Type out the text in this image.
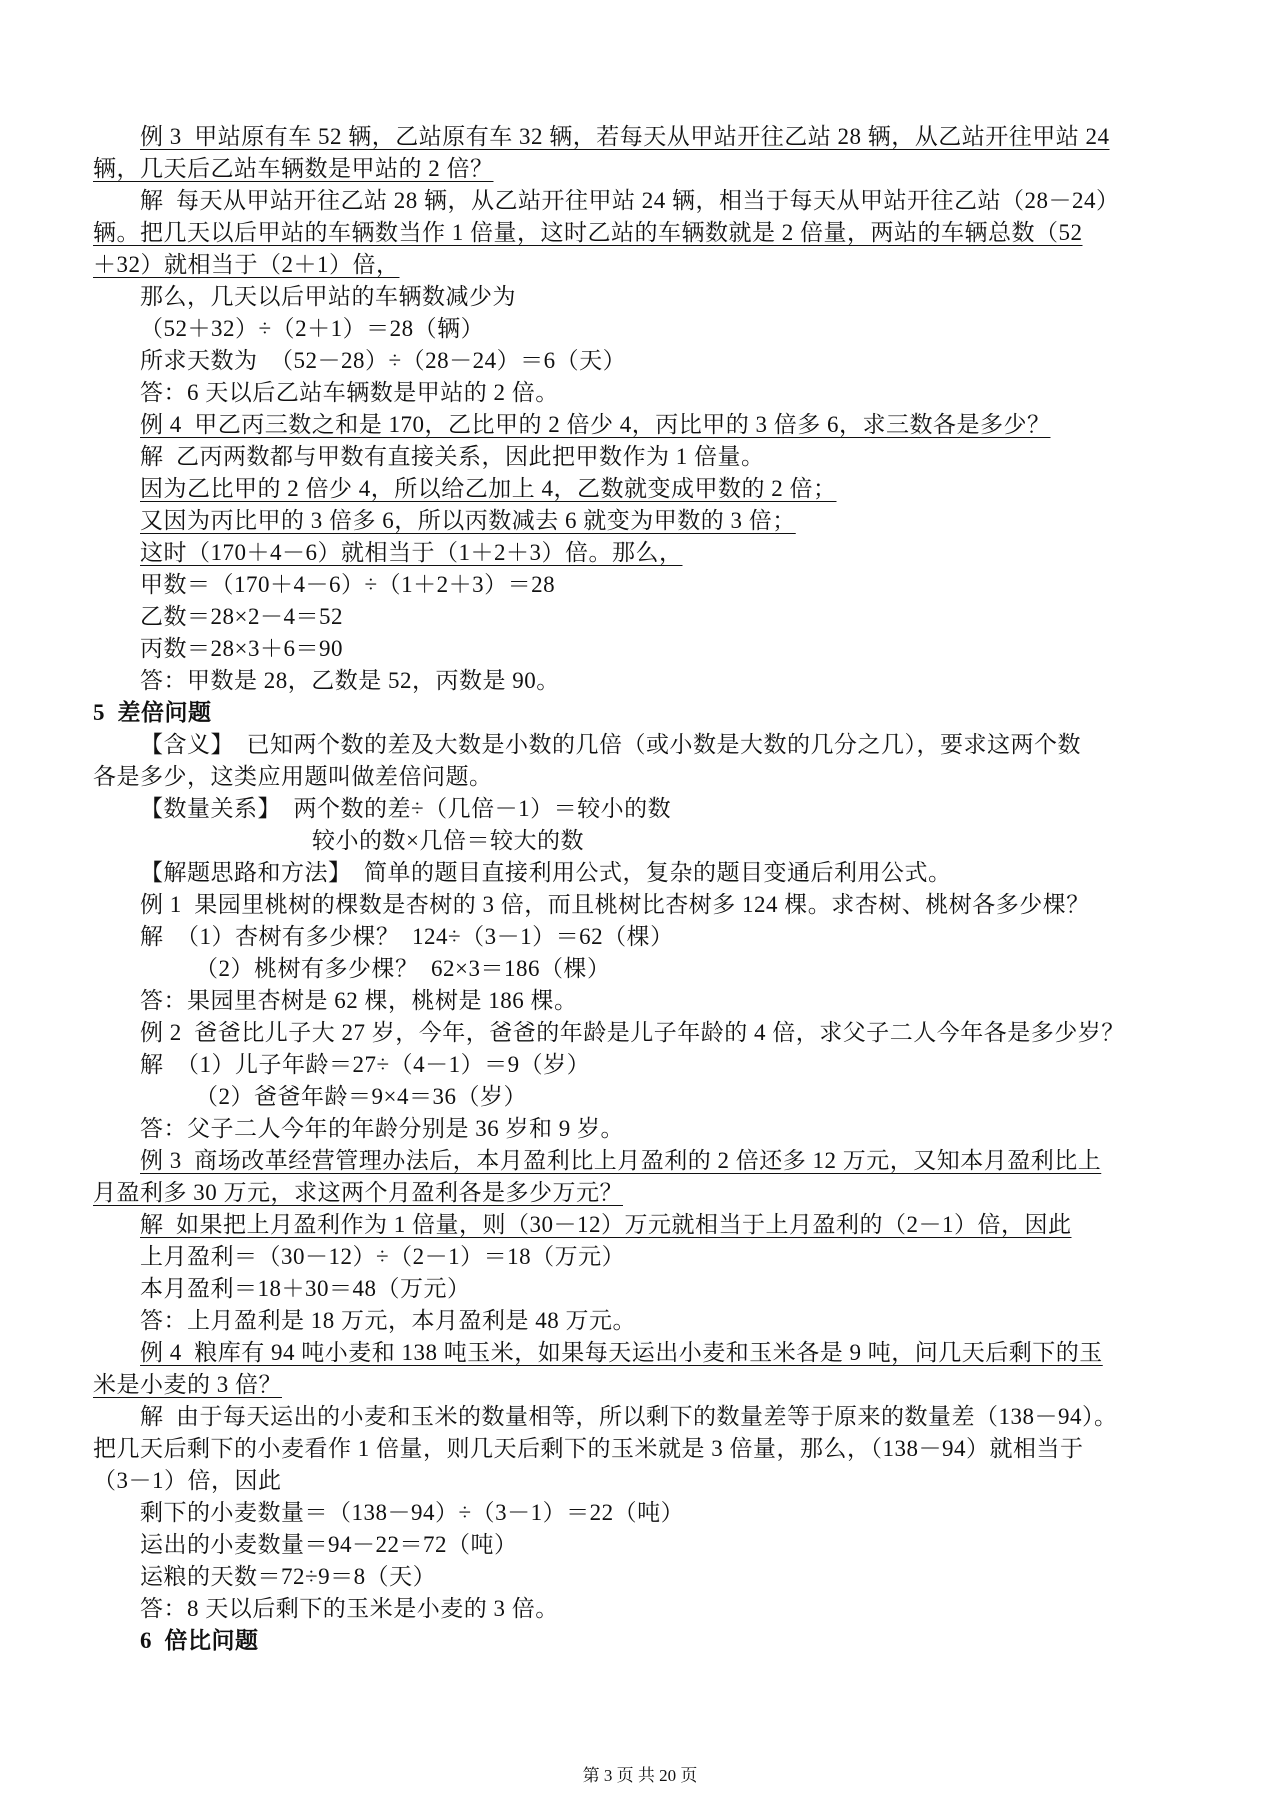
例 3  甲站原有车 52 辆，乙站原有车 32 辆，若每天从甲站开往乙站 28 辆，从乙站开往甲站 24
辆，几天后乙站车辆数是甲站的 2 倍？
解  每天从甲站开往乙站 28 辆，从乙站开往甲站 24 辆，相当于每天从甲站开往乙站（28－24）
辆。把几天以后甲站的车辆数当作 1 倍量，这时乙站的车辆数就是 2 倍量，两站的车辆总数（52
＋32）就相当于（2＋1）倍，
那么，几天以后甲站的车辆数减少为
（52＋32）÷（2＋1）＝28（辆）
所求天数为  （52－28）÷（28－24）＝6（天）
答：6 天以后乙站车辆数是甲站的 2 倍。
例 4  甲乙丙三数之和是 170，乙比甲的 2 倍少 4，丙比甲的 3 倍多 6，求三数各是多少？
解  乙丙两数都与甲数有直接关系，因此把甲数作为 1 倍量。
因为乙比甲的 2 倍少 4，所以给乙加上 4，乙数就变成甲数的 2 倍；
又因为丙比甲的 3 倍多 6，所以丙数减去 6 就变为甲数的 3 倍；
这时（170＋4－6）就相当于（1＋2＋3）倍。那么，
甲数＝（170＋4－6）÷（1＋2＋3）＝28
乙数＝28×2－4＝52
丙数＝28×3＋6＝90
答：甲数是 28，乙数是 52，丙数是 90。
5  差倍问题
【含义】  已知两个数的差及大数是小数的几倍（或小数是大数的几分之几），要求这两个数
各是多少，这类应用题叫做差倍问题。
【数量关系】  两个数的差÷（几倍－1）＝较小的数
较小的数×几倍＝较大的数
【解题思路和方法】  简单的题目直接利用公式，复杂的题目变通后利用公式。
例 1  果园里桃树的棵数是杏树的 3 倍，而且桃树比杏树多 124 棵。求杏树、桃树各多少棵？
解  （1）杏树有多少棵？  124÷（3－1）＝62（棵）
（2）桃树有多少棵？  62×3＝186（棵）
答：果园里杏树是 62 棵，桃树是 186 棵。
例 2  爸爸比儿子大 27 岁，今年，爸爸的年龄是儿子年龄的 4 倍，求父子二人今年各是多少岁？
解  （1）儿子年龄＝27÷（4－1）＝9（岁）
（2）爸爸年龄＝9×4＝36（岁）
答：父子二人今年的年龄分别是 36 岁和 9 岁。
例 3  商场改革经营管理办法后，本月盈利比上月盈利的 2 倍还多 12 万元，又知本月盈利比上
月盈利多 30 万元，求这两个月盈利各是多少万元？
解  如果把上月盈利作为 1 倍量，则（30－12）万元就相当于上月盈利的（2－1）倍，因此
上月盈利＝（30－12）÷（2－1）＝18（万元）
本月盈利＝18＋30＝48（万元）
答：上月盈利是 18 万元，本月盈利是 48 万元。
例 4  粮库有 94 吨小麦和 138 吨玉米，如果每天运出小麦和玉米各是 9 吨，问几天后剩下的玉
米是小麦的 3 倍？
解  由于每天运出的小麦和玉米的数量相等，所以剩下的数量差等于原来的数量差（138－94）。
把几天后剩下的小麦看作 1 倍量，则几天后剩下的玉米就是 3 倍量，那么，（138－94）就相当于
（3－1）倍，因此
剩下的小麦数量＝（138－94）÷（3－1）＝22（吨）
运出的小麦数量＝94－22＝72（吨）
运粮的天数＝72÷9＝8（天）
答：8 天以后剩下的玉米是小麦的 3 倍。
6  倍比问题
第 3 页 共 20 页
